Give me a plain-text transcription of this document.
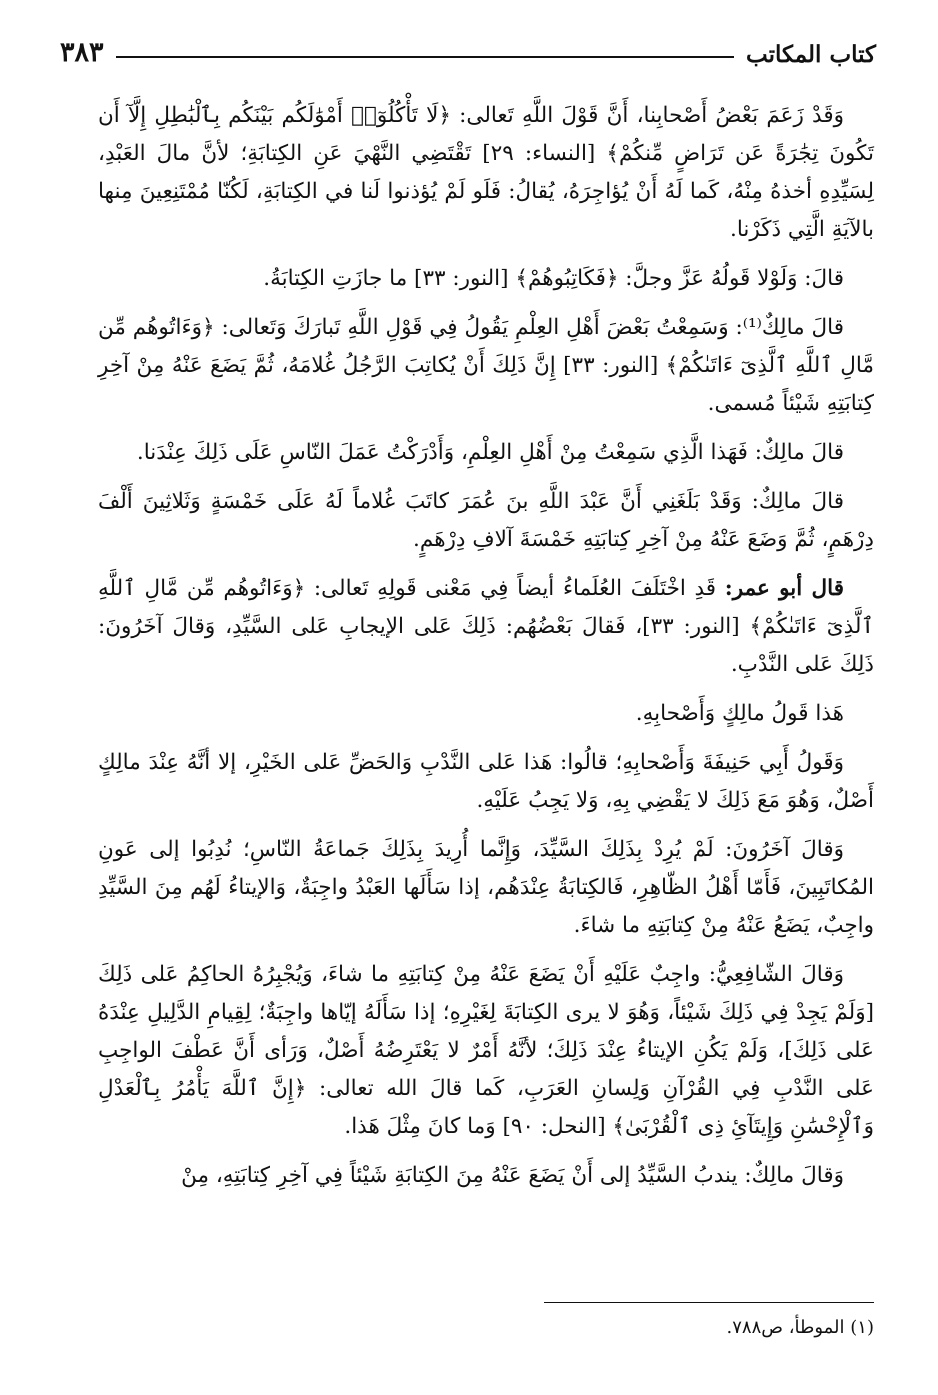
كتاب المكاتب
٣٨٣

وَقَدْ زَعَمَ بَعْضُ أَصْحابِنا، أَنَّ قَوْلَ اللَّهِ تَعالى: ﴿لَا تَأْكُلُوٓا۟ أَمْوَٰلَكُم بَيْنَكُم بِٱلْبَٰطِلِ إِلَّآ أَن تَكُونَ تِجَٰرَةً عَن تَرَاضٍ مِّنكُمْ﴾ [النساء: ٢٩] تَقْتَضِي النَّهْيَ عَنِ الكِتابَةِ؛ لأنَّ مالَ العَبْدِ، لِسَيِّدِهِ أخذهُ مِنْهُ، كَما لَهُ أَنْ يُؤاجِرَهُ، يُقالُ: فَلَو لَمْ يُؤذنوا لَنا في الكِتابَةِ، لَكُنّا مُمْتَنِعِينَ مِنها بالآيَةِ الَّتِي ذَكَرْنا.

قالَ: وَلَوْلا قَولُهُ عَزَّ وجلَّ: ﴿فَكَاتِبُوهُمْ﴾ [النور: ٣٣] ما جازَتِ الكِتابَةُ.

قالَ مالِكٌ⁽¹⁾: وَسَمِعْتُ بَعْضَ أَهْلِ العِلْمِ يَقُولُ فِي قَوْلِ اللَّهِ تَبارَكَ وَتَعالى: ﴿وَءَاتُوهُم مِّن مَّالِ ٱللَّهِ ٱلَّذِىٓ ءَاتَىٰكُمْ﴾ [النور: ٣٣] إِنَّ ذَلِكَ أَنْ يُكاتِبَ الرَّجُلُ غُلامَهُ، ثُمَّ يَضَعَ عَنْهُ مِنْ آخِرِ كِتابَتِهِ شَيْئاً مُسمى.

قالَ مالِكٌ: فَهَذا الَّذِي سَمِعْتُ مِنْ أَهْلِ العِلْمِ، وَأَدْرَكْتُ عَمَلَ النّاسِ عَلَى ذَلِكَ عِنْدَنا.

قالَ مالِكٌ: وَقَدْ بَلَغَنِي أَنَّ عَبْدَ اللَّهِ بنَ عُمَرَ كاتَبَ غُلاماً لَهُ عَلَى خَمْسَةٍ وَثَلاثِينَ أَلْفَ دِرْهَمٍ، ثُمَّ وَضَعَ عَنْهُ مِنْ آخِرِ كِتابَتِهِ خَمْسَةَ آلافِ دِرْهَمٍ.

قال أبو عمر: قَدِ اخْتَلَفَ العُلَماءُ أيضاً فِي مَعْنى قَولِهِ تَعالى: ﴿وَءَاتُوهُم مِّن مَّالِ ٱللَّهِ ٱلَّذِىٓ ءَاتَىٰكُمْ﴾ [النور: ٣٣]، فَقالَ بَعْضُهُم: ذَلِكَ عَلى الإيجابِ عَلى السَّيِّدِ، وَقالَ آخَرُونَ: ذَلِكَ عَلى النَّدْبِ.

هَذا قَولُ مالِكٍ وَأَصْحابِهِ.

وَقَولُ أَبِي حَنِيفَةَ وَأَصْحابِهِ؛ قالُوا: هَذا عَلى النَّدْبِ وَالحَضِّ عَلى الخَيْرِ، إلا أنَّهُ عِنْدَ مالِكٍ أَصْلٌ، وَهُوَ مَعَ ذَلِكَ لا يَقْضِي بِهِ، وَلا يَجِبُ عَلَيْهِ.

وَقالَ آخَرُونَ: لَمْ يُرِدْ بِذَلِكَ السَّيِّدَ، وَإِنَّما أُرِيدَ بِذَلِكَ جَماعَةُ النّاسِ؛ نُدِبُوا إلى عَونِ المُكاتَبِينَ، فَأَمّا أَهْلُ الظّاهِرِ، فَالكِتابَةُ عِنْدَهُم، إذا سَأَلَها العَبْدُ واجِبَةٌ، وَالإيتاءُ لَهُم مِنَ السَّيِّدِ واجِبٌ، يَضَعُ عَنْهُ مِنْ كِتابَتِهِ ما شاءَ.

وَقالَ الشّافِعِيُّ: واجِبٌ عَلَيْهِ أَنْ يَضَعَ عَنْهُ مِنْ كِتابَتِهِ ما شاءَ، وَيُجْبِرُهُ الحاكِمُ عَلى ذَلِكَ [وَلَمْ يَجِدْ فِي ذَلِكَ شَيْئاً، وَهُوَ لا يرى الكِتابَةَ لِغَيْرِهِ؛ إذا سَأَلَهُ إيّاها واجِبَةٌ؛ لِقِيامِ الدَّلِيلِ عِنْدَهُ عَلى ذَلِكَ]، وَلَمْ يَكُنِ الإيتاءُ عِنْدَ ذَلِكَ؛ لأنَّهُ أَمْرٌ لا يَعْتَرِضُهُ أَصْلٌ، وَرَأى أَنَّ عَطْفَ الواجِبِ عَلى النَّدْبِ فِي القُرْآنِ وَلِسانِ العَرَبِ، كَما قالَ الله تعالى: ﴿إِنَّ ٱللَّهَ يَأْمُرُ بِٱلْعَدْلِ وَٱلْإِحْسَٰنِ وَإِيتَآئِ ذِى ٱلْقُرْبَىٰ﴾ [النحل: ٩٠] وَما كانَ مِثْلَ هَذا.

وَقالَ مالِكٌ: يندبُ السَّيِّدُ إلى أَنْ يَضَعَ عَنْهُ مِنَ الكِتابَةِ شَيْئاً فِي آخِرِ كِتابَتِهِ، مِنْ

(١) الموطأ، ص٧٨٨.
